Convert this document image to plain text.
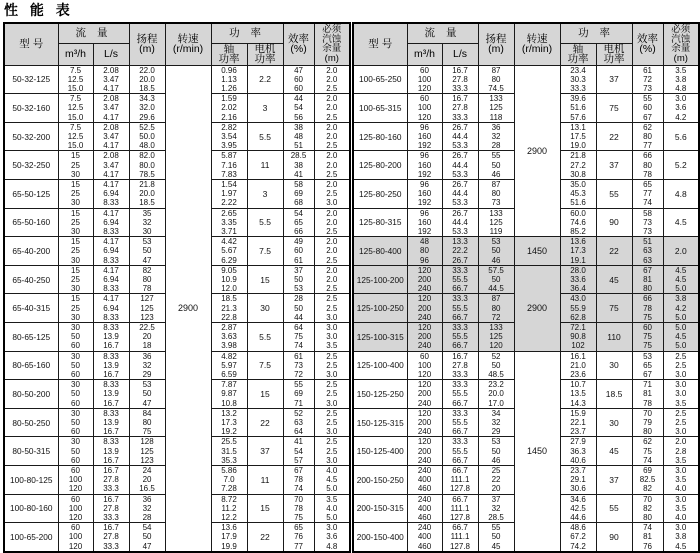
性 能 表
型 号	流 量		扬程
(m)	转速
(r/min)	功 率		效率
(%)	必须
汽蚀
余量
(m)

	m³/h	L/s			轴
功率	电机
功率		

50-32-125	7.5
12.5
15.0	2.08
3.47
4.17	22.0
20.0
18.5	2900	0.96
1.13
1.26	2.2	47
60
60	2.0
2.0
2.5

50-32-160	7.5
12.5
15.0	2.08
3.47
4.17	34.3
32.0
29.6		1.59
2.02
2.16	3	44
54
56	2.0
2.0
2.5

50-32-200	7.5
12.5
15.0	2.08
3.47
4.17	52.5
50.0
48.0		2.82
3.54
3.95	5.5	38
48
51	2.0
2.0
2.5

50-32-250	15
25
30	2.08
3.47
4.17	82.0
80.0
78.5		5.87
7.16
7.83	11	28.5
38
41	2.0
2.0
2.5

65-50-125	15
25
30	4.17
6.94
8.33	21.8
20.0
18.5		1.54
1.97
2.22	3	58
69
68	2.0
2.5
3.0

65-50-160	15
25
30	4.17
6.94
8.33	35
32
30		2.65
3.35
3.71	5.5	54
65
66	2.0
2.0
2.5

65-40-200	15
25
30	4.17
6.94
8.33	53
50
47		4.42
5.67
6.29	7.5	49
60
61	2.0
2.0
2.5

65-40-250	15
25
30	4.17
6.94
8.33	82
80
78		9.05
10.9
12.0	15	37
50
53	2.0
2.0
2.5

65-40-315	15
25
30	4.17
6.94
8.33	127
125
123		18.5
21.3
22.8	30	28
50
44	2.5
2.5
3.0

80-65-125	30
50
60	8.33
13.9
16.7	22.5
20
18		2.87
3.63
3.98	5.5	64
75
74	3.0
3.0
3.5

80-65-160	30
50
60	8.33
13.9
16.7	36
32
29		4.82
5.97
6.59	7.5	61
73
72	2.5
2.5
3.0

80-50-200	30
50
60	8.33
13.9
16.7	53
50
47		7.87
9.87
10.8	15	55
69
71	2.5
2.5
3.0

80-50-250	30
50
60	8.33
13.9
16.7	84
80
75		13.2
17.3
19.2	22	52
63
64	2.5
2.5
3.0

80-50-315	30
50
60	8.33
13.9
16.7	128
125
123		25.5
31.5
35.3	37	41
54
57	2.5
2.5
3.0

100-80-125	60
100
120	16.7
27.8
33.3	24
20
16.5		5.86
7.0
7.28	11	67
78
74	4.0
4.5
5.0

100-80-160	60
100
120	16.7
27.8
33.3	36
32
28		8.72
11.2
12.2	15	70
78
75	3.5
4.0
5.0

100-65-200	60
100
120	16.7
27.8
33.3	54
50
47		13.6
17.9
19.9	22	65
76
77	3.0
3.6
4.8
型 号	流 量		扬程
(m)	转速
(r/min)	功 率		效率
(%)	必须
汽蚀
余量
(m)

	m³/h	L/s			轴
功率	电机
功率		

100-65-250	60
100
120	16.7
27.8
33.3	87
80
74.5	2900	23.4
30.3
33.3	37	61
72
73	3.5
3.8
4.8

100-65-315	60
100
120	16.7
27.8
33.3	133
125
118		39.6
51.6
57.6	75	55
60
67	3.0
3.6
4.2

125-80-160	96
160
192	26.7
44.4
53.3	36
32
28		13.1
17.5
19.0	22	62
80
77	5.6
125-80-200	96
160
192	26.7
44.4
53.3	55
50
46		21.8
27.2
30.8	37	66
80
78	5.2
125-80-250	96
160
192	26.7
44.4
53.3	87
80
73		35.0
45.3
51.6	55	65
77
74	4.8
125-80-315	96
160
192	26.7
44.4
53.3	133
125
119		60.0
74.6
85.2	90	58
73
73	4.5
125-80-400	48
80
96	13.3
22.2
26.7	53
50
46	1450	13.6
17.3
19.1	22	51
63
63	2.0
125-100-200	120
200
240	33.3
55.5
66.7	57.5
50
44.5	2900	28.0
33.6
36.4	45	67
81
80	4.5
4.5
5.0

125-100-250	120
200
240	33.3
55.5
66.7	87
80
72		43.0
55.9
62.8	75	66
78
75	3.8
4.2
5.0

125-100-315	120
200
240	33.3
55.5
66.7	133
125
120		72.1
90.8
102	110	60
75
75	5.0
4.5
5.0

125-100-400	60
100
120	16.7
27.8
33.3	52
50
48.5	1450	16.1
21.0
23.6	30	53
65
67	2.5
2.5
3.0

150-125-250	120
200
240	33.3
55.5
66.7	23.2
20.0
17.0		10.7
13.5
14.3	18.5	71
81
78	3.0
3.0
3.5

150-125-315	120
200
240	33.3
55.5
66.7	34
32
29		15.9
22.1
23.7	30	70
79
80	2.5
2.5
3.0

150-125-400	120
200
240	33.3
55.5
66.7	53
50
46		27.9
36.3
40.6	45	62
75
74	2.0
2.8
3.5

200-150-250	240
400
460	66.7
111.1
127.8	25
22
20		23.7
29.1
30.6	37	69
82.5
82	3.0
3.5
4.0

200-150-315	240
400
460	66.7
111.1
127.8	37
32
28.5		34.6
42.5
44.6	55	70
82
80	3.0
3.5
4.0

200-150-400	240
400
460	66.7
111.1
127.8	55
50
45		48.6
67.2
74.2	90	74
81
76	3.0
3.8
4.5
